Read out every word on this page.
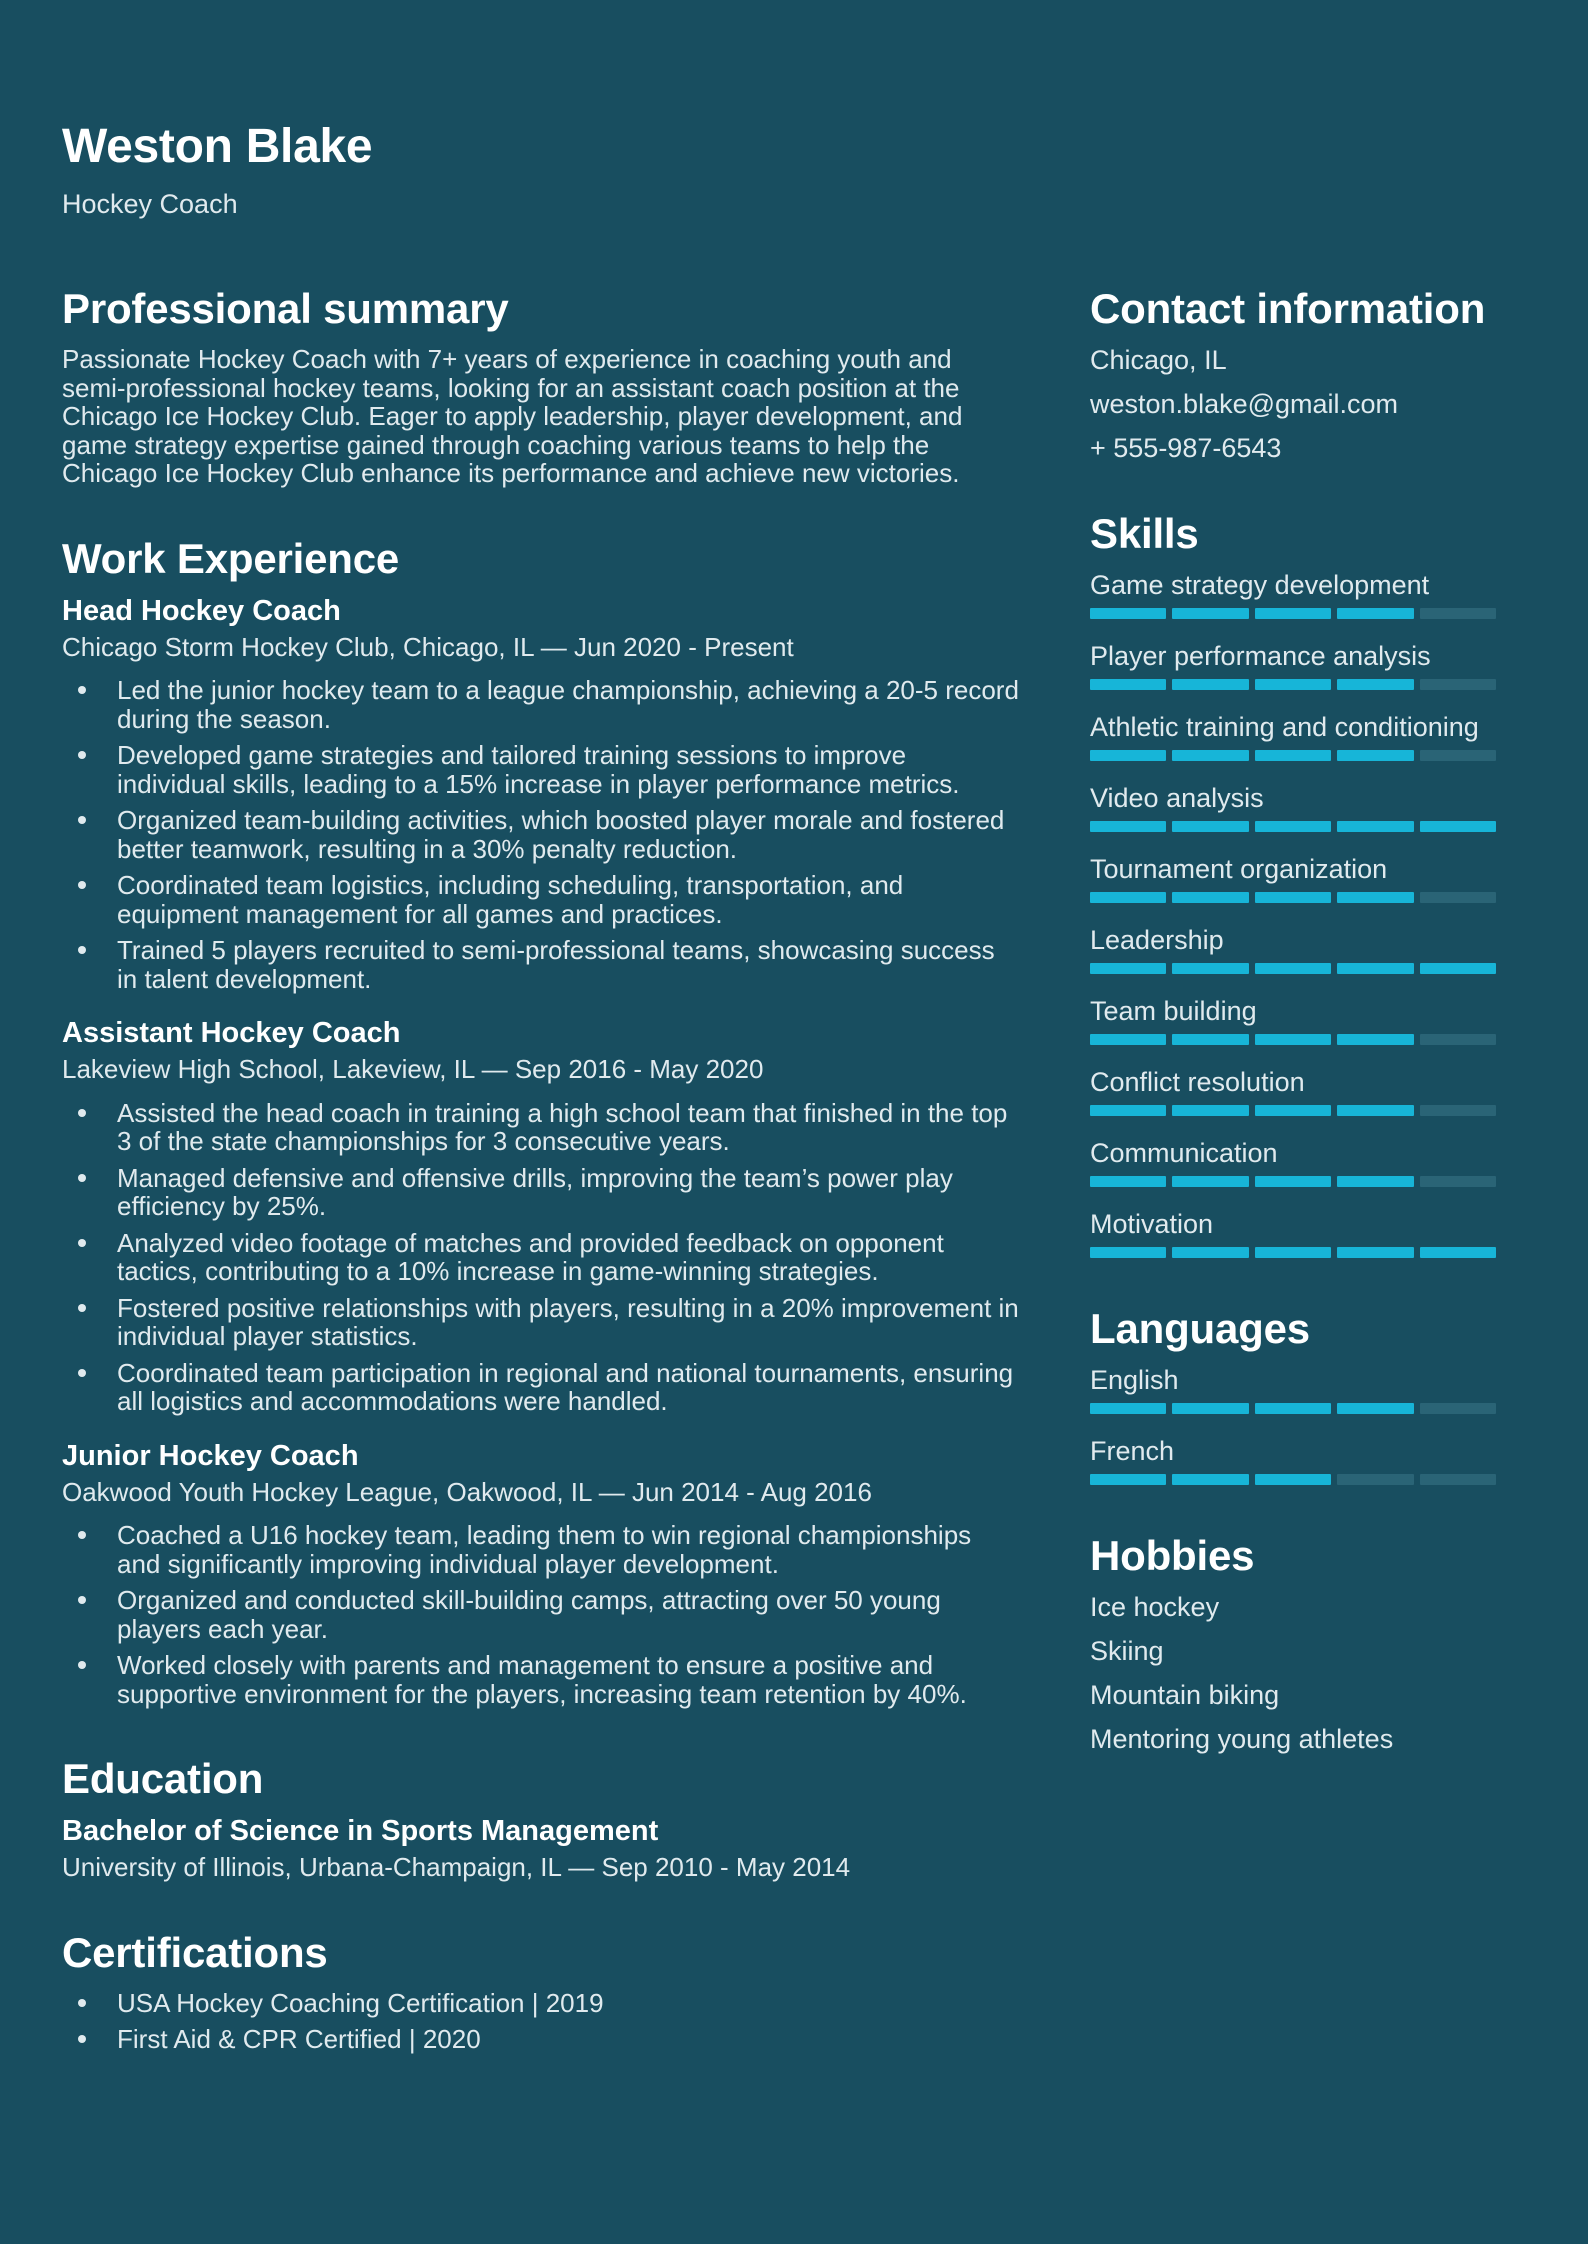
Weston Blake
Hockey Coach
Professional summary

Passionate Hockey Coach with 7+ years of experience in coaching youth and semi-professional hockey teams, looking for an assistant coach position at the Chicago Ice Hockey Club. Eager to apply leadership, player development, and game strategy expertise gained through coaching various teams to help the Chicago Ice Hockey Club enhance its performance and achieve new victories.

Work Experience
Head Hockey Coach
Chicago Storm Hockey Club, Chicago, IL — Jun 2020 - Present
Led the junior hockey team to a league championship, achieving a 20-5 record during the season.
Developed game strategies and tailored training sessions to improve individual skills, leading to a 15% increase in player performance metrics.
Organized team-building activities, which boosted player morale and fostered better teamwork, resulting in a 30% penalty reduction.
Coordinated team logistics, including scheduling, transportation, and equipment management for all games and practices.
Trained 5 players recruited to semi-professional teams, showcasing success in talent development.
Assistant Hockey Coach
Lakeview High School, Lakeview, IL — Sep 2016 - May 2020
Assisted the head coach in training a high school team that finished in the top 3 of the state championships for 3 consecutive years.
Managed defensive and offensive drills, improving the team’s power play efficiency by 25%.
Analyzed video footage of matches and provided feedback on opponent tactics, contributing to a 10% increase in game-winning strategies.
Fostered positive relationships with players, resulting in a 20% improvement in individual player statistics.
Coordinated team participation in regional and national tournaments, ensuring all logistics and accommodations were handled.
Junior Hockey Coach
Oakwood Youth Hockey League, Oakwood, IL — Jun 2014 - Aug 2016
Coached a U16 hockey team, leading them to win regional championships and significantly improving individual player development.
Organized and conducted skill-building camps, attracting over 50 young players each year.
Worked closely with parents and management to ensure a positive and supportive environment for the players, increasing team retention by 40%.
Education
Bachelor of Science in Sports Management
University of Illinois, Urbana-Champaign, IL — Sep 2010 - May 2014
Certifications
USA Hockey Coaching Certification | 2019
First Aid & CPR Certified | 2020
Contact information
Chicago, IL
weston.blake@gmail.com
+ 555-987-6543
Skills
Game strategy development
Player performance analysis
Athletic training and conditioning
Video analysis
Tournament organization
Leadership
Team building
Conflict resolution
Communication
Motivation
Languages
English
French
Hobbies
Ice hockey
Skiing
Mountain biking
Mentoring young athletes
